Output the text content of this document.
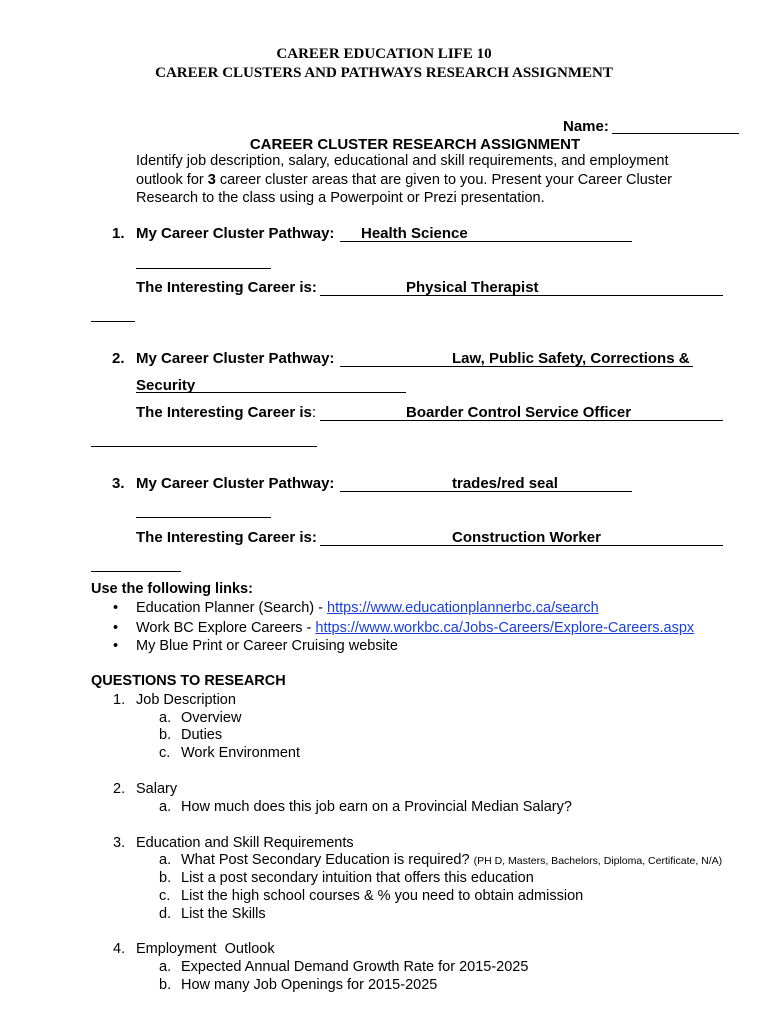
CAREER EDUCATION LIFE 10
CAREER CLUSTERS AND PATHWAYS RESEARCH ASSIGNMENT
Name:
CAREER CLUSTER RESEARCH ASSIGNMENT
Identify job description, salary, educational and skill requirements, and employment outlook for 3 career cluster areas that are given to you. Present your Career Cluster Research to the class using a Powerpoint or Prezi presentation.
1. My Career Cluster Pathway: Health Science
The Interesting Career is:	Physical Therapist
2. My Career Cluster Pathway:	Law, Public Safety, Corrections &
Security
The Interesting Career is:	Boarder Control Service Officer
3. My Career Cluster Pathway:	trades/red seal
The Interesting Career is:	Construction Worker
Use the following links:
• Education Planner (Search) - https://www.educationplannerbc.ca/search
• Work BC Explore Careers - https://www.workbc.ca/Jobs-Careers/Explore-Careers.aspx
• My Blue Print or Career Cruising website
QUESTIONS TO RESEARCH
1. Job Description
a. Overview
b. Duties
c. Work Environment
2. Salary
a. How much does this job earn on a Provincial Median Salary?
3. Education and Skill Requirements
a. What Post Secondary Education is required? (PH D, Masters, Bachelors, Diploma, Certificate, N/A)
b. List a post secondary intuition that offers this education
c. List the high school courses & % you need to obtain admission
d. List the Skills
4. Employment  Outlook
a. Expected Annual Demand Growth Rate for 2015-2025
b. How many Job Openings for 2015-2025
